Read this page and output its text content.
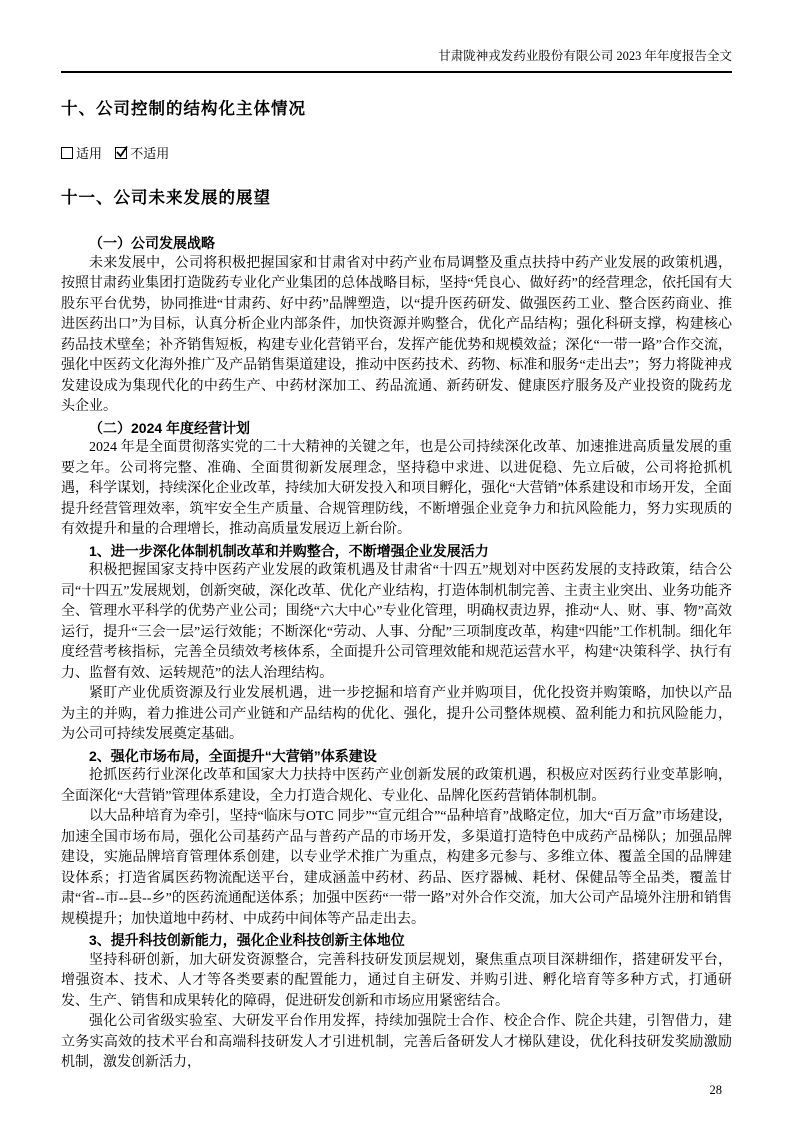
甘肃陇神戎发药业股份有限公司 2023 年年度报告全文
十、公司控制的结构化主体情况
适用 不适用
十一、公司未来发展的展望

（一）公司发展战略

未来发展中，公司将积极把握国家和甘肃省对中药产业布局调整及重点扶持中药产业发展的政策机遇，按照甘肃药业集团打造陇药专业化产业集团的总体战略目标，坚持“凭良心、做好药”的经营理念，依托国有大股东平台优势，协同推进“甘肃药、好中药”品牌塑造，以“提升医药研发、做强医药工业、整合医药商业、推进医药出口”为目标，认真分析企业内部条件，加快资源并购整合，优化产品结构；强化科研支撑，构建核心药品技术壁垒；补齐销售短板，构建专业化营销平台，发挥产能优势和规模效益；深化“一带一路”合作交流，强化中医药文化海外推广及产品销售渠道建设，推动中医药技术、药物、标准和服务“走出去”；努力将陇神戎发建设成为集现代化的中药生产、中药材深加工、药品流通、新药研发、健康医疗服务及产业投资的陇药龙头企业。

（二）2024 年度经营计划

2024 年是全面贯彻落实党的二十大精神的关键之年，也是公司持续深化改革、加速推进高质量发展的重要之年。公司将完整、准确、全面贯彻新发展理念，坚持稳中求进、以进促稳、先立后破，公司将抢抓机遇，科学谋划，持续深化企业改革，持续加大研发投入和项目孵化，强化“大营销”体系建设和市场开发，全面提升经营管理效率，筑牢安全生产质量、合规管理防线，不断增强企业竞争力和抗风险能力，努力实现质的有效提升和量的合理增长，推动高质量发展迈上新台阶。

1、进一步深化体制机制改革和并购整合，不断增强企业发展活力

积极把握国家支持中医药产业发展的政策机遇及甘肃省“十四五”规划对中医药发展的支持政策，结合公司“十四五”发展规划，创新突破，深化改革、优化产业结构，打造体制机制完善、主责主业突出、业务功能齐全、管理水平科学的优势产业公司；围绕“六大中心”专业化管理，明确权责边界，推动“人、财、事、物”高效运行，提升“三会一层”运行效能；不断深化“劳动、人事、分配”三项制度改革，构建“四能”工作机制。细化年度经营考核指标，完善全员绩效考核体系，全面提升公司管理效能和规范运营水平，构建“决策科学、执行有力、监督有效、运转规范”的法人治理结构。

紧盯产业优质资源及行业发展机遇，进一步挖掘和培育产业并购项目，优化投资并购策略，加快以产品为主的并购，着力推进公司产业链和产品结构的优化、强化，提升公司整体规模、盈利能力和抗风险能力，为公司可持续发展奠定基础。

2、强化市场布局，全面提升“大营销”体系建设

抢抓医药行业深化改革和国家大力扶持中医药产业创新发展的政策机遇，积极应对医药行业变革影响，全面深化“大营销”管理体系建设，全力打造合规化、专业化、品牌化医药营销体制机制。

以大品种培育为牵引，坚持“临床与OTC 同步”“宣元组合”“品种培育”战略定位，加大“百万盒”市场建设，加速全国市场布局，强化公司基药产品与普药产品的市场开发，多渠道打造特色中成药产品梯队；加强品牌建设，实施品牌培育管理体系创建，以专业学术推广为重点，构建多元参与、多维立体、覆盖全国的品牌建设体系；打造省属医药物流配送平台，建成涵盖中药材、药品、医疗器械、耗材、保健品等全品类，覆盖甘肃“省--市--县--乡”的医药流通配送体系；加强中医药“一带一路”对外合作交流，加大公司产品境外注册和销售规模提升；加快道地中药材、中成药中间体等产品走出去。

3、提升科技创新能力，强化企业科技创新主体地位

坚持科研创新，加大研发资源整合，完善科技研发顶层规划，聚焦重点项目深耕细作，搭建研发平台，增强资本、技术、人才等各类要素的配置能力，通过自主研发、并购引进、孵化培育等多种方式，打通研发、生产、销售和成果转化的障碍，促进研发创新和市场应用紧密结合。

强化公司省级实验室、大研发平台作用发挥，持续加强院士合作、校企合作、院企共建，引智借力，建立务实高效的技术平台和高端科技研发人才引进机制，完善后备研发人才梯队建设，优化科技研发奖励激励机制，激发创新活力，

28
